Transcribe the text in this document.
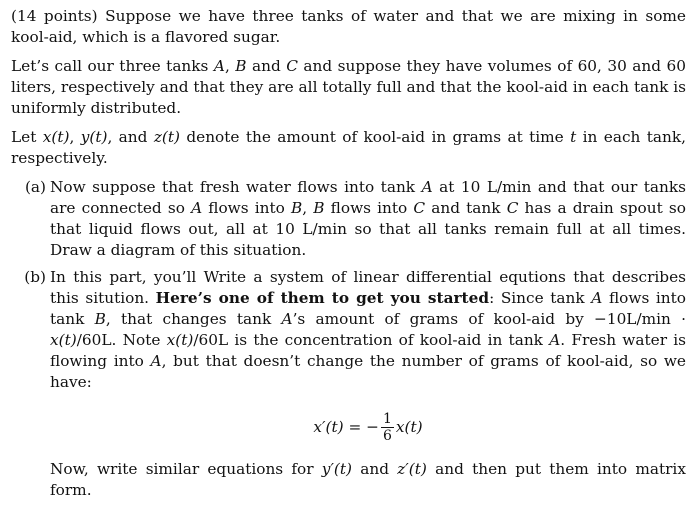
(14 points) Suppose we have three tanks of water and that we are mixing in some kool-aid, which is a flavored sugar.

Let’s call our three tanks A, B and C and suppose they have volumes of 60, 30 and 60 liters, respectively and that they are all totally full and that the kool-aid in each tank is uniformly distributed.

Let x(t), y(t), and z(t) denote the amount of kool-aid in grams at time t in each tank, respectively.

(a) Now suppose that fresh water flows into tank A at 10 L/min and that our tanks are connected so A flows into B, B flows into C and tank C has a drain spout so that liquid flows out, all at 10 L/min so that all tanks remain full at all times. Draw a diagram of this situation.
(b) In this part, you’ll Write a system of linear differential equtions that describes this sitution. Here’s one of them to get you started: Since tank A flows into tank B, that changes tank A’s amount of grams of kool-aid by −10L/min · x(t)/60L. Note x(t)/60L is the concentration of kool-aid in tank A. Fresh water is flowing into A, but that doesn’t change the number of grams of kool-aid, so we have:
x′(t)
=
− $\frac{1}{6} x(t)$

Now, write similar equations for y′(t) and z′(t) and then put them into matrix form.
